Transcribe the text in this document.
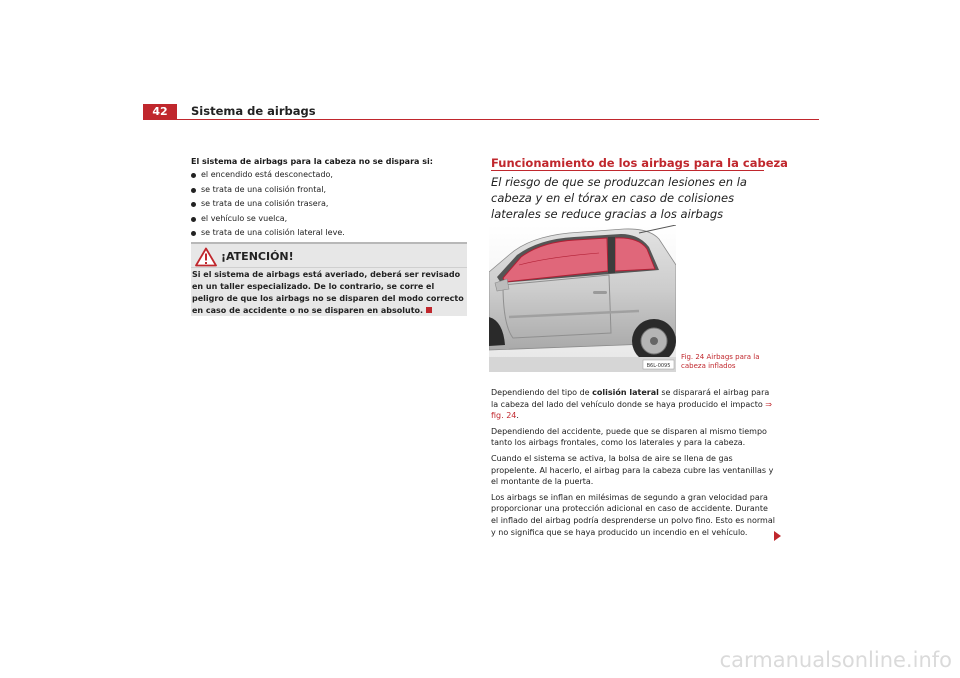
42	Sistema de airbags
El sistema de airbags para la cabeza no se dispara si:
el encendido está desconectado,
se trata de una colisión frontal,
se trata de una colisión trasera,
el vehículo se vuelca,
se trata de una colisión lateral leve.
¡ATENCIÓN!
Si el sistema de airbags está averiado, deberá ser revisado en un taller especializado. De lo contrario, se corre el peligro de que los airbags no se disparen del modo correcto en caso de accidente o no se disparen en absoluto.
Funcionamiento de los airbags para la cabeza
El riesgo de que se produzcan lesiones en la cabeza y en el tórax en caso de colisiones laterales se reduce gracias a los airbags
B6L-0095
Fig. 24 Airbags para la cabeza inflados

Dependiendo del tipo de colisión lateral se disparará el airbag para la cabeza del lado del vehículo donde se haya producido el impacto ⇒ fig. 24.

Dependiendo del accidente, puede que se disparen al mismo tiempo tanto los airbags frontales, como los laterales y para la cabeza.

Cuando el sistema se activa, la bolsa de aire se llena de gas propelente. Al hacerlo, el airbag para la cabeza cubre las ventanillas y el montante de la puerta.

Los airbags se inflan en milésimas de segundo a gran velocidad para proporcionar una protección adicional en caso de accidente. Durante el inflado del airbag podría desprenderse un polvo fino. Esto es normal y no significa que se haya producido un incendio en el vehículo.

carmanualsonline.info
